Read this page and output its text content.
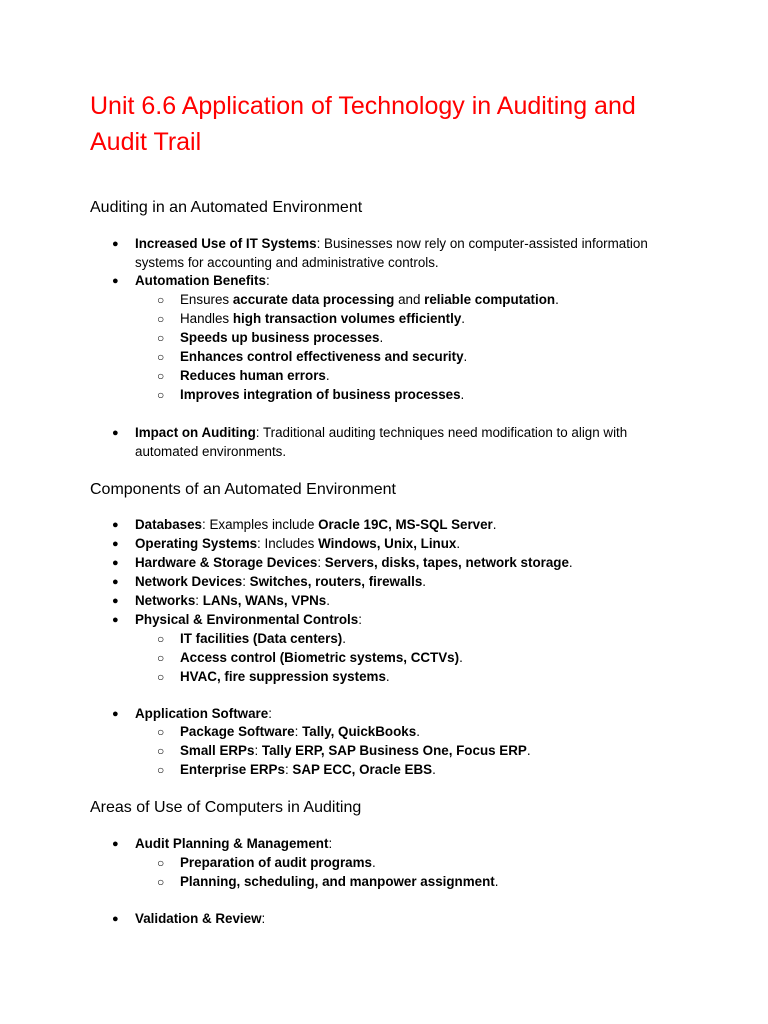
Unit 6.6 Application of Technology in Auditing and Audit Trail
Auditing in an Automated Environment
● Increased Use of IT Systems: Businesses now rely on computer-assisted information
systems for accounting and administrative controls.
● Automation Benefits:
○ Ensures accurate data processing and reliable computation.
○ Handles high transaction volumes efficiently.
○ Speeds up business processes.
○ Enhances control effectiveness and security.
○ Reduces human errors.
○ Improves integration of business processes.
● Impact on Auditing: Traditional auditing techniques need modification to align with
automated environments.
Components of an Automated Environment
● Databases: Examples include Oracle 19C, MS-SQL Server.
● Operating Systems: Includes Windows, Unix, Linux.
● Hardware & Storage Devices: Servers, disks, tapes, network storage.
● Network Devices: Switches, routers, firewalls.
● Networks: LANs, WANs, VPNs.
● Physical & Environmental Controls:
○ IT facilities (Data centers).
○ Access control (Biometric systems, CCTVs).
○ HVAC, fire suppression systems.
● Application Software:
○ Package Software: Tally, QuickBooks.
○ Small ERPs: Tally ERP, SAP Business One, Focus ERP.
○ Enterprise ERPs: SAP ECC, Oracle EBS.
Areas of Use of Computers in Auditing
● Audit Planning & Management:
○ Preparation of audit programs.
○ Planning, scheduling, and manpower assignment.
● Validation & Review:
